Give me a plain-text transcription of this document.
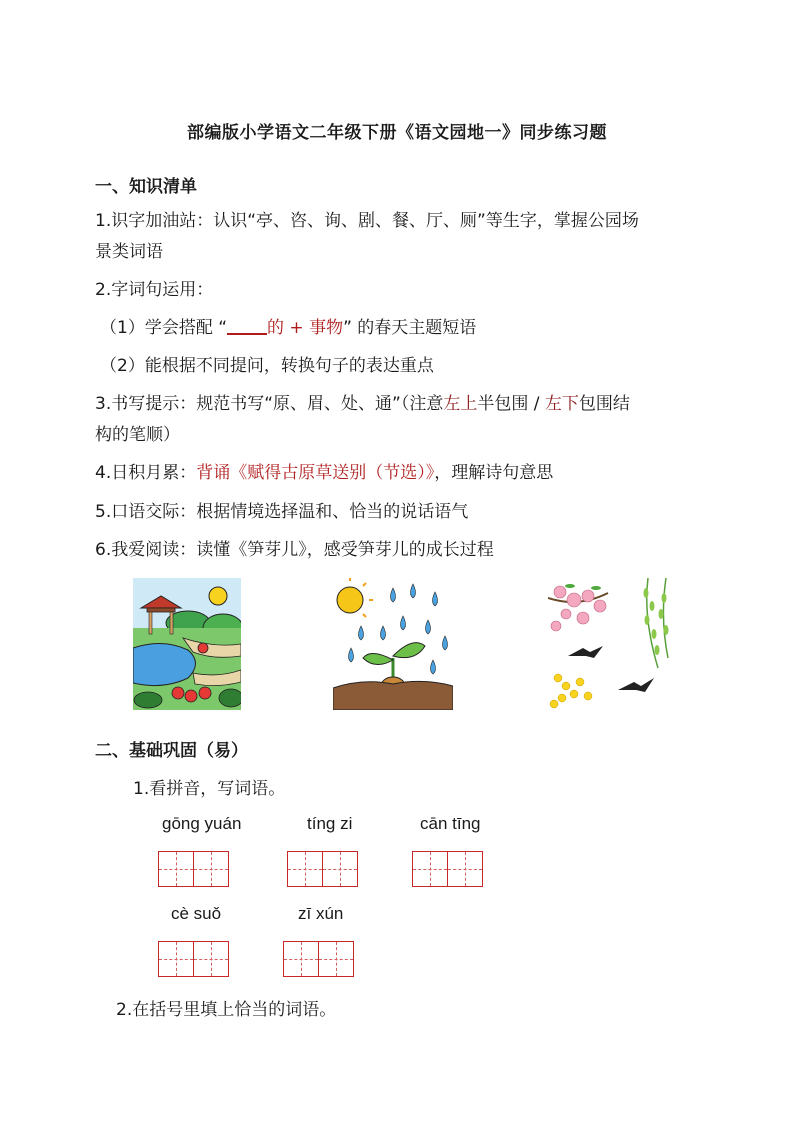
部编版小学语文二年级下册《语文园地一》同步练习题
一、知识清单
1.识字加油站：认识“亭、咨、询、剧、餐、厅、厕”等生字，掌握公园场
景类词语
2.字词句运用：
（1）学会搭配 “ 的 + 事物” 的春天主题短语
（2）能根据不同提问，转换句子的表达重点
3.书写提示：规范书写“原、眉、处、通”（注意左上半包围 / 左下包围结
构的笔顺）
4.日积月累：背诵《赋得古原草送别（节选）》，理解诗句意思
5.口语交际：根据情境选择温和、恰当的说话语气
6.我爱阅读：读懂《笋芽儿》，感受笋芽儿的成长过程
二、基础巩固（易）
1.看拼音，写词语。
gōng yuán	tíng zi	cān tīng
cè suǒ	zī xún
2.在括号里填上恰当的词语。
